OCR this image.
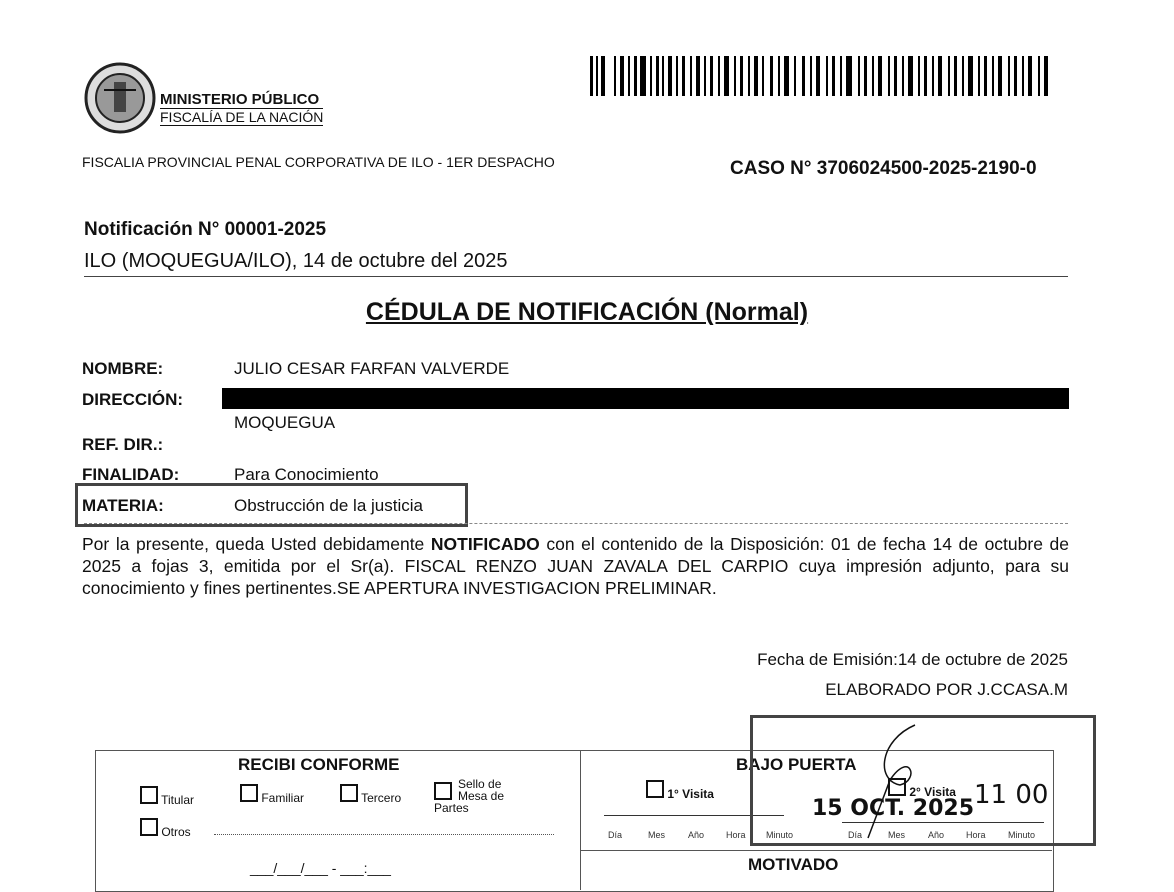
MINISTERIO PÚBLICO
FISCALÍA DE LA NACIÓN
FISCALIA PROVINCIAL PENAL CORPORATIVA DE ILO - 1ER DESPACHO	CASO N° 3706024500-2025-2190-0
Notificación N° 00001-2025
ILO (MOQUEGUA/ILO), 14 de octubre del 2025
CÉDULA DE NOTIFICACIÓN (Normal)
NOMBRE:	JULIO CESAR FARFAN VALVERDE
DIRECCIÓN:
MOQUEGUA
REF. DIR.:
FINALIDAD:	Para Conocimiento
MATERIA:	Obstrucción de la justicia
Por la presente, queda Usted debidamente NOTIFICADO con el contenido de la Disposición: 01 de fecha 14 de octubre de 2025 a fojas 3, emitida por el Sr(a). FISCAL RENZO JUAN ZAVALA DEL CARPIO cuya impresión adjunto, para su conocimiento y fines pertinentes.SE APERTURA INVESTIGACION PRELIMINAR.
Fecha de Emisión:14 de octubre de 2025
ELABORADO POR J.CCASA.M
RECIBI CONFORME
Titular	Familiar	Tercero
Sello de
Mesa de Partes
Otros
___/___/___ - ___:___
BAJO PUERTA
1° Visita	2° Visita
Día	Mes	Año Hora Minuto	Día	Mes	Año Hora Minuto
15 OCT. 2025 11 00
MOTIVADO
